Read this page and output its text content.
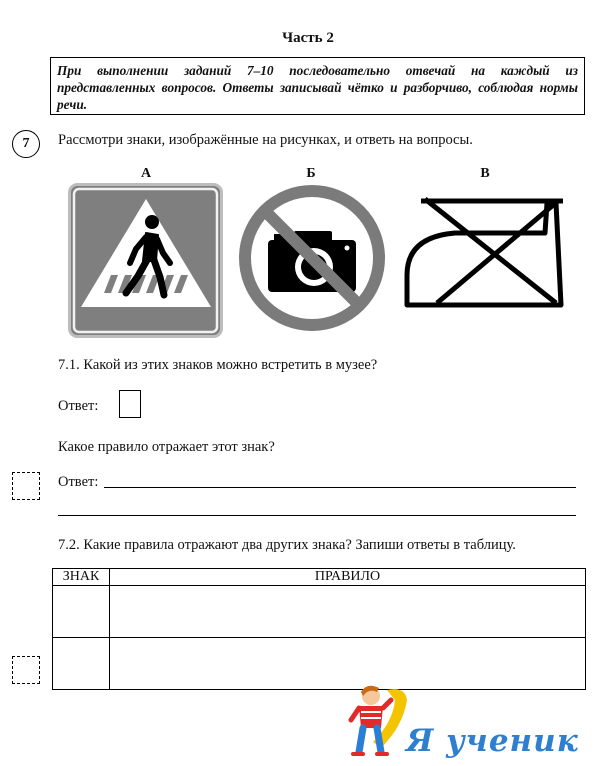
Часть 2
При выполнении заданий 7–10 последовательно отвечай на каждый из представленных вопросов. Ответы записывай чётко и разборчиво, соблюдая нормы речи.
7	Рассмотри знаки, изображённые на рисунках, и ответь на вопросы.
А	Б	В
7.1. Какой из этих знаков можно встретить в музее?
Ответ:
Какое правило отражает этот знак?
Ответ:
7.2. Какие правила отражают два других знака? Запиши ответы в таблицу.
ЗНАК	ПРАВИЛО

Я ученик
